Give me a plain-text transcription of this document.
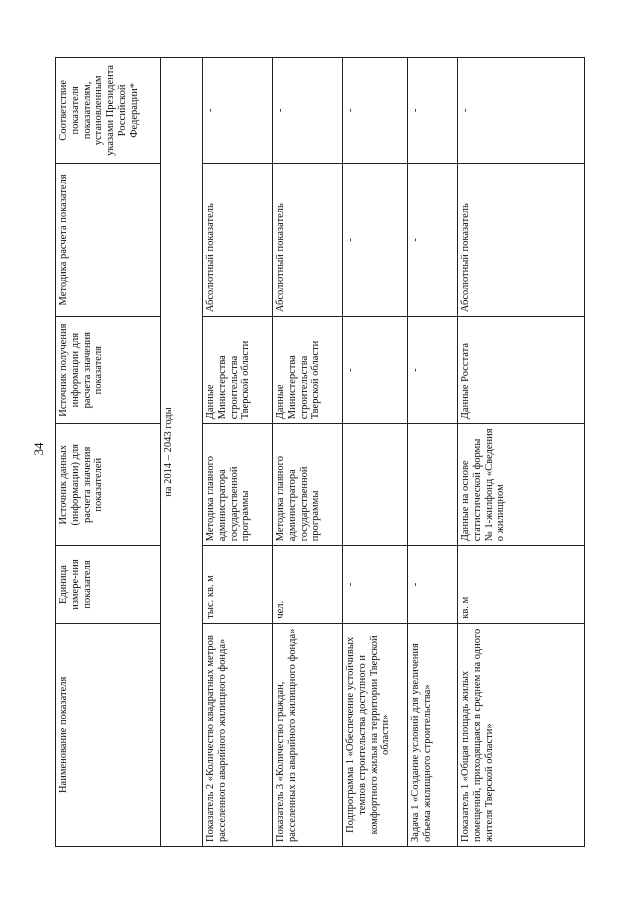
34
Наименование показателя	Единица измере-ния показателя	Источник данных (информации) для расчета значения показателей	Источник получения информации для расчета значения показателя	Методика расчета показателя	Соответствие показателя показателям, установленным указами Президента Российской Федерации*

на 2014 – 2043 годы					

Показатель 2 «Количество квадратных метров расселенного аварийного жилищного фонда»	тыс. кв. м	Методика главного администратора государственной программы	Данные Министерства строительства Тверской области	Абсолютный показатель	-
Показатель 3 «Количество граждан, расселенных из аварийного жилищного фонда»	чел.	Методика главного администратора государственной программы	Данные Министерства строительства Тверской области	Абсолютный показатель	-
Подпрограмма 1 «Обеспечение устойчивых темпов строительства доступного и комфортного жилья на территории Тверской области»	-		-	-	-
Задача 1 «Создание условий для увеличения объема жилищного строительства»	-		-	-	-
Показатель 1 «Общая площадь жилых помещений, приходящаяся в среднем на одного жителя Тверской области»	кв. м	Данные на основе статистической формы № 1-жилфонд «Сведения о жилищном	Данные Росстата	Абсолютный показатель	-
